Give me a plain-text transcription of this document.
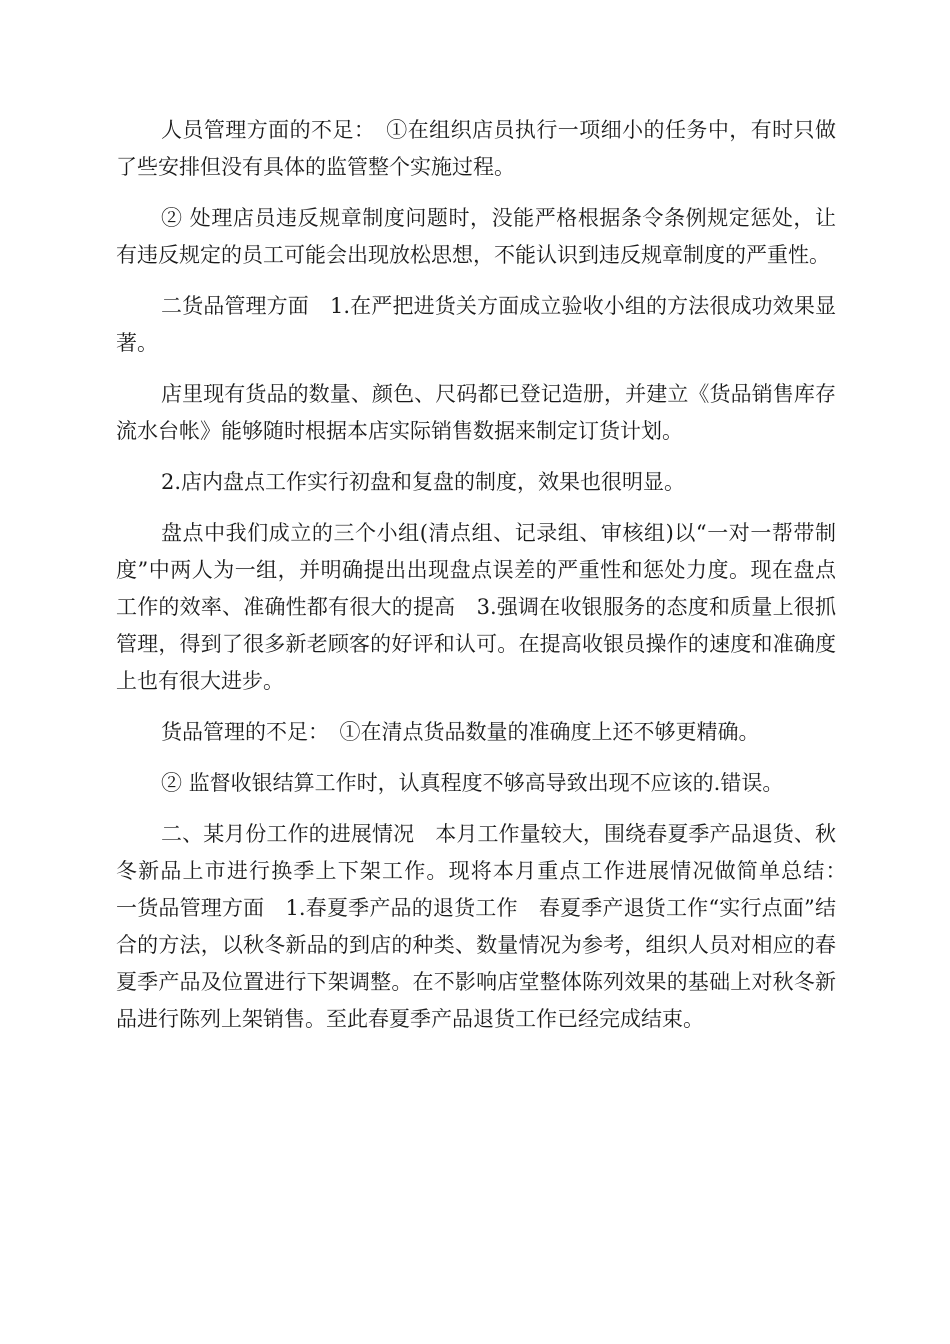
人员管理方面的不足：　①在组织店员执行一项细小的任务中，有时只做了些安排但没有具体的监管整个实施过程。

② 处理店员违反规章制度问题时，没能严格根据条令条例规定惩处，让有违反规定的员工可能会出现放松思想，不能认识到违反规章制度的严重性。

二货品管理方面　1.在严把进货关方面成立验收小组的方法很成功效果显著。

店里现有货品的数量、颜色、尺码都已登记造册，并建立《货品销售库存流水台帐》能够随时根据本店实际销售数据来制定订货计划。

2.店内盘点工作实行初盘和复盘的制度，效果也很明显。

盘点中我们成立的三个小组(清点组、记录组、审核组)以“一对一帮带制度”中两人为一组，并明确提出出现盘点误差的严重性和惩处力度。现在盘点工作的效率、准确性都有很大的提高　3.强调在收银服务的态度和质量上很抓管理，得到了很多新老顾客的好评和认可。在提高收银员操作的速度和准确度上也有很大进步。

货品管理的不足：　①在清点货品数量的准确度上还不够更精确。

② 监督收银结算工作时，认真程度不够高导致出现不应该的.错误。

二、某月份工作的进展情况　本月工作量较大，围绕春夏季产品退货、秋冬新品上市进行换季上下架工作。现将本月重点工作进展情况做简单总结：　一货品管理方面　1.春夏季产品的退货工作　春夏季产退货工作“实行点面”结合的方法，以秋冬新品的到店的种类、数量情况为参考，组织人员对相应的春夏季产品及位置进行下架调整。在不影响店堂整体陈列效果的基础上对秋冬新品进行陈列上架销售。至此春夏季产品退货工作已经完成结束。
